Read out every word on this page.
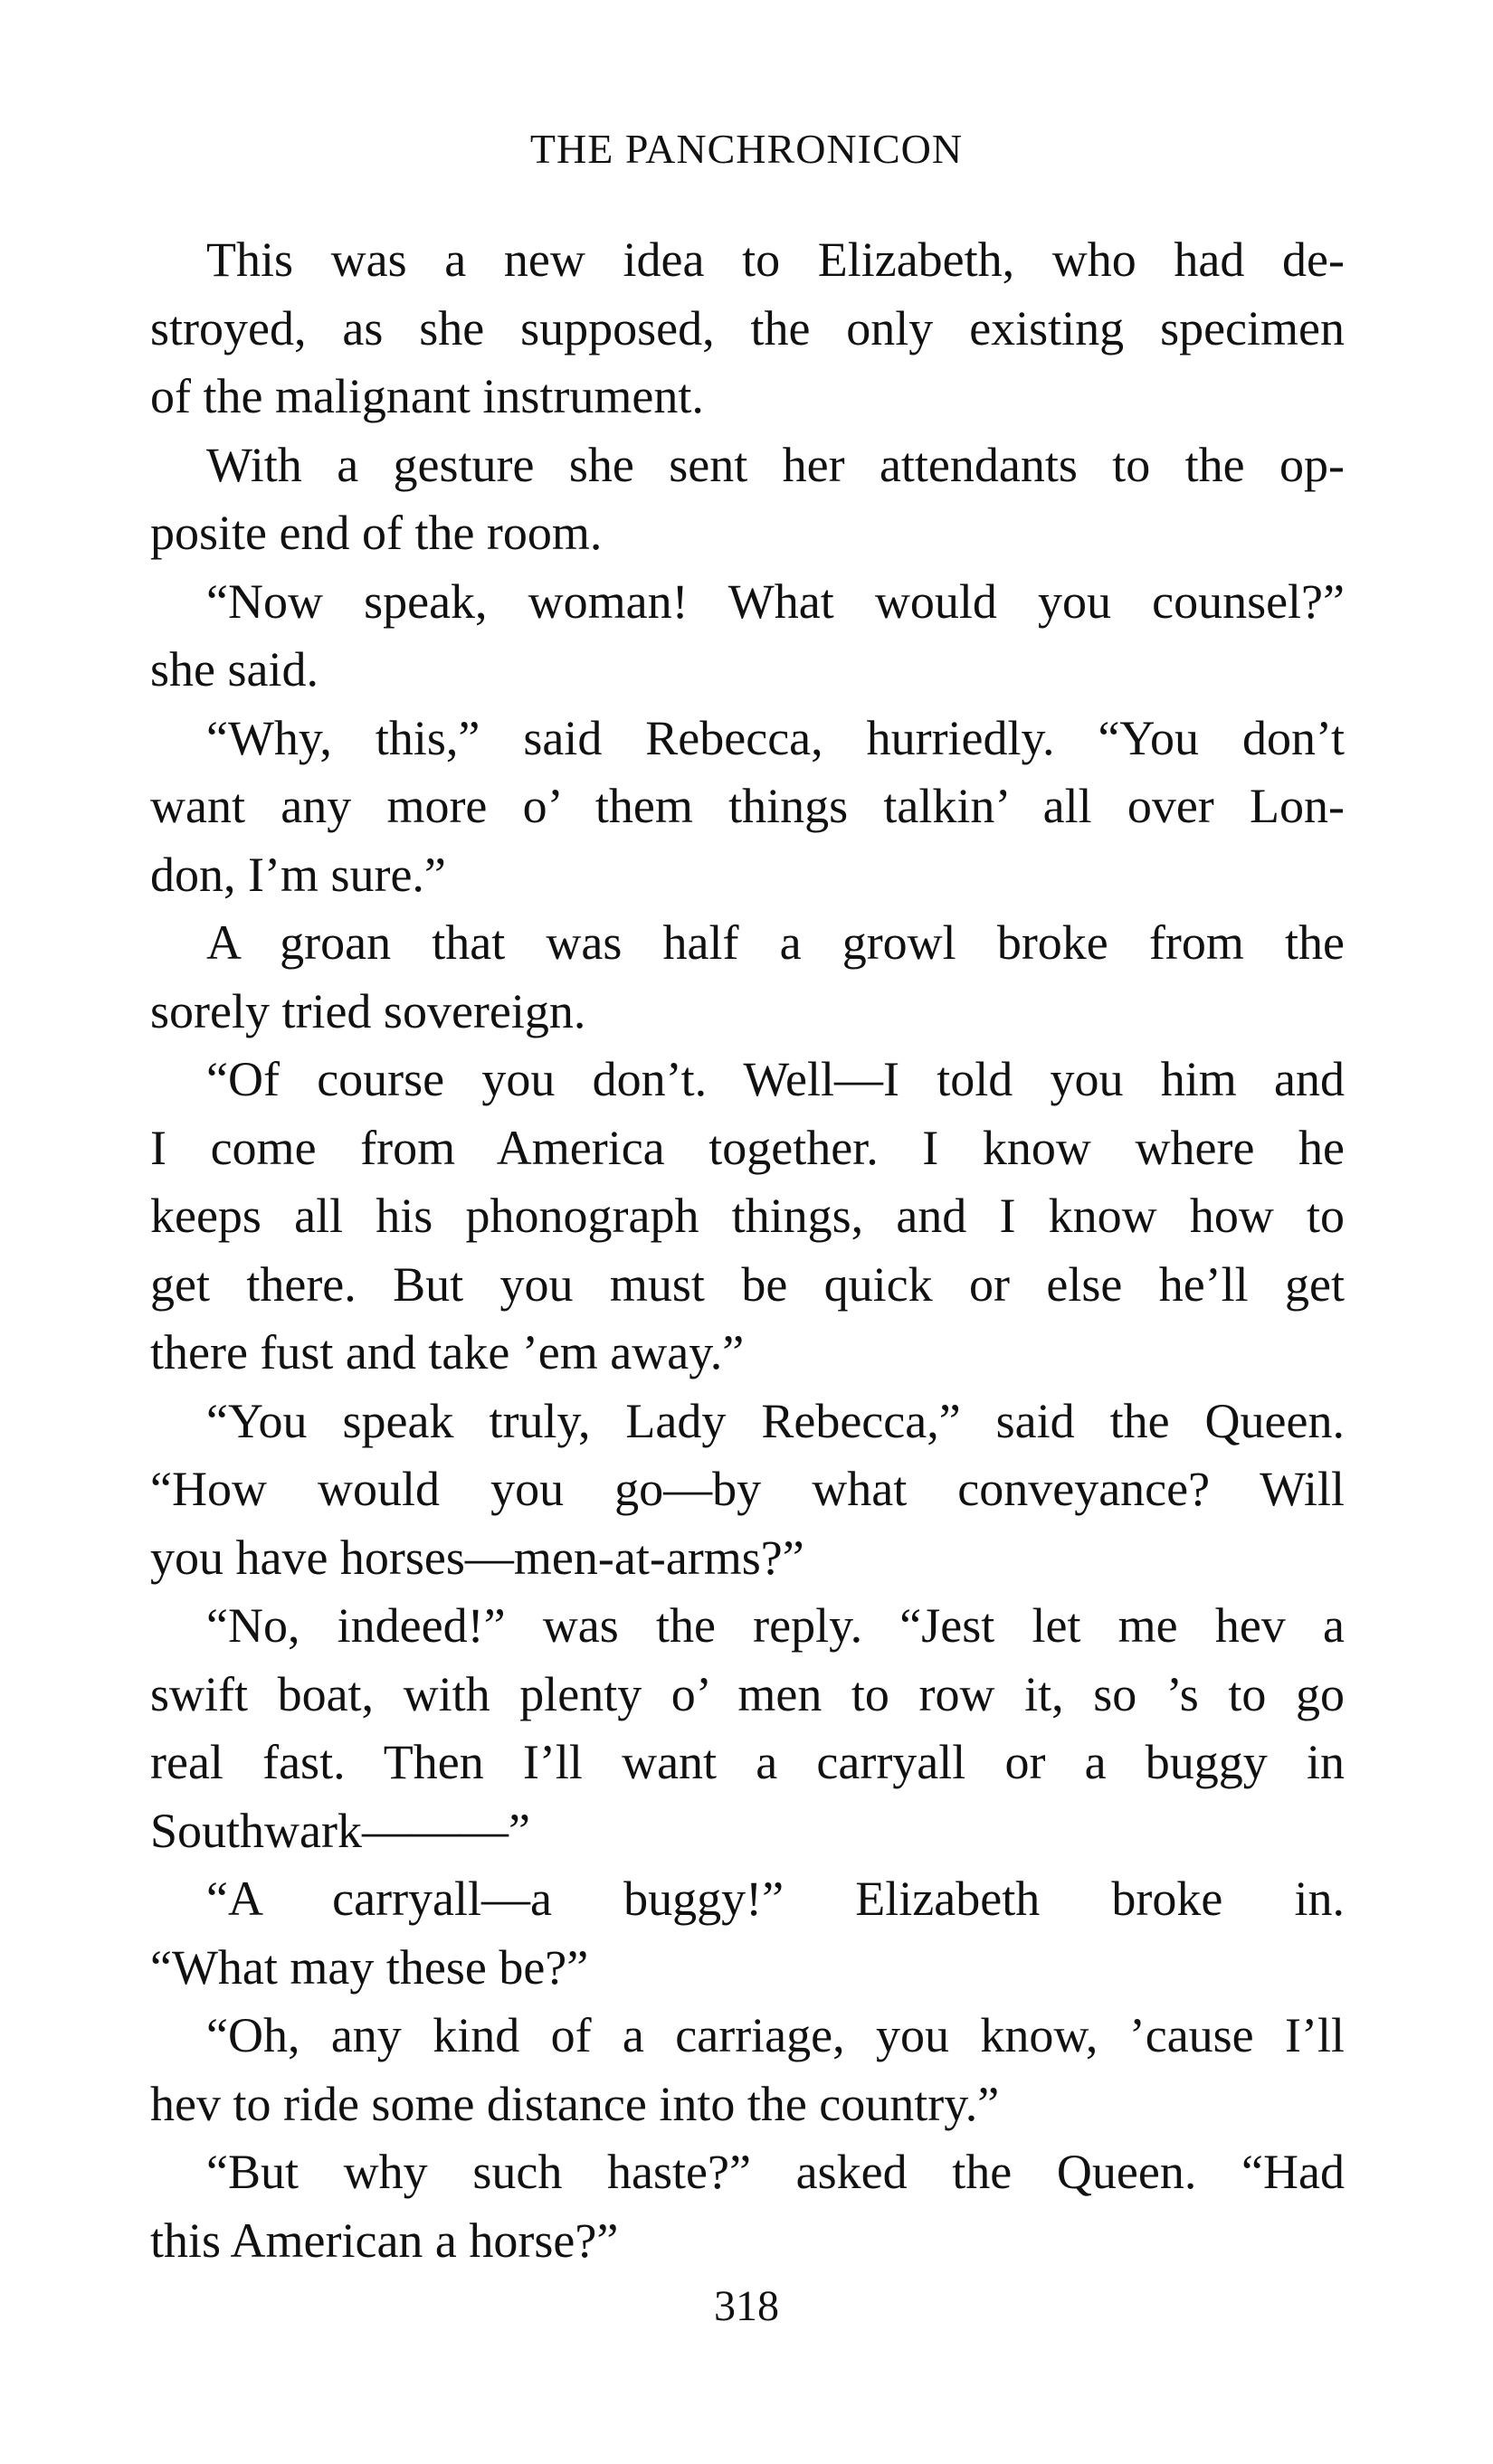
THE PANCHRONICON
This was a new idea to Elizabeth, who had de-
stroyed, as she supposed, the only existing specimen
of the malignant instrument.
With a gesture she sent her attendants to the op-
posite end of the room.
“Now speak, woman! What would you counsel?”
she said.
“Why, this,” said Rebecca, hurriedly. “You don’t
want any more o’ them things talkin’ all over Lon-
don, I’m sure.”
A groan that was half a growl broke from the
sorely tried sovereign.
“Of course you don’t. Well—I told you him and
I come from America together. I know where he
keeps all his phonograph things, and I know how to
get there. But you must be quick or else he’ll get
there fust and take ’em away.”
“You speak truly, Lady Rebecca,” said the Queen.
“How would you go—by what conveyance? Will
you have horses—men-at-arms?”
“No, indeed!” was the reply. “Jest let me hev a
swift boat, with plenty o’ men to row it, so ’s to go
real fast. Then I’ll want a carryall or a buggy in
Southwark———”
“A carryall—a buggy!” Elizabeth broke in.
“What may these be?”
“Oh, any kind of a carriage, you know, ’cause I’ll
hev to ride some distance into the country.”
“But why such haste?” asked the Queen. “Had
this American a horse?”
318
